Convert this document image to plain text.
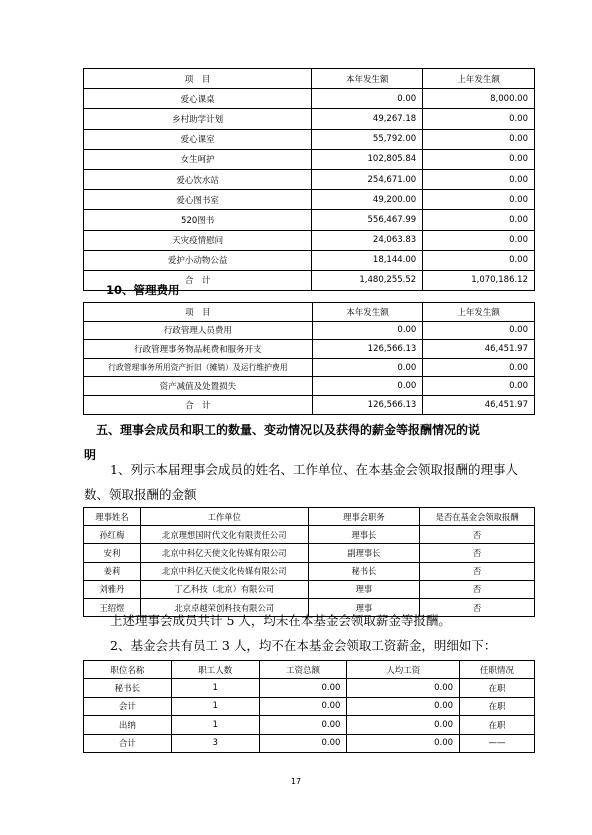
项　目	本年发生额	上年发生额
爱心课桌	0.00	8,000.00
乡村助学计划	49,267.18	0.00
爱心课室	55,792.00	0.00
女生呵护	102,805.84	0.00
爱心饮水站	254,671.00	0.00
爱心图书室	49,200.00	0.00
520图书	556,467.99	0.00
天灾疫情慰问	24,063.83	0.00
爱护小动物公益	18,144.00	0.00
合　计	1,480,255.52	1,070,186.12
10、管理费用
项　目	本年发生额	上年发生额
行政管理人员费用	0.00	0.00
行政管理事务物品耗费和服务开支	126,566.13	46,451.97
行政管理事务所用资产折旧（摊销）及运行维护费用	0.00	0.00
资产减值及处置损失	0.00	0.00
合　计	126,566.13	46,451.97
五、理事会成员和职工的数量、变动情况以及获得的薪金等报酬情况的说
明
1、列示本届理事会成员的姓名、工作单位、在本基金会领取报酬的理事人
数、领取报酬的金额
理事姓名	工作单位	理事会职务	是否在基金会领取报酬
孙红梅	北京理想国时代文化有限责任公司	理事长	否
安利	北京中科亿天使文化传媒有限公司	副理事长	否
姜莉	北京中科亿天使文化传媒有限公司	秘书长	否
刘雅丹	丁乙科技（北京）有限公司	理事	否
王绍煜	北京卓越荣创科技有限公司	理事	否
上述理事会成员共计 5 人，均未在本基金会领取薪金等报酬。
2、基金会共有员工 3 人，均不在本基金会领取工资薪金，明细如下：
职位名称	职工人数	工资总额	人均工资	任职情况
秘书长	1	0.00	0.00	在职
会计	1	0.00	0.00	在职
出纳	1	0.00	0.00	在职
合计	3	0.00	0.00	——
17
